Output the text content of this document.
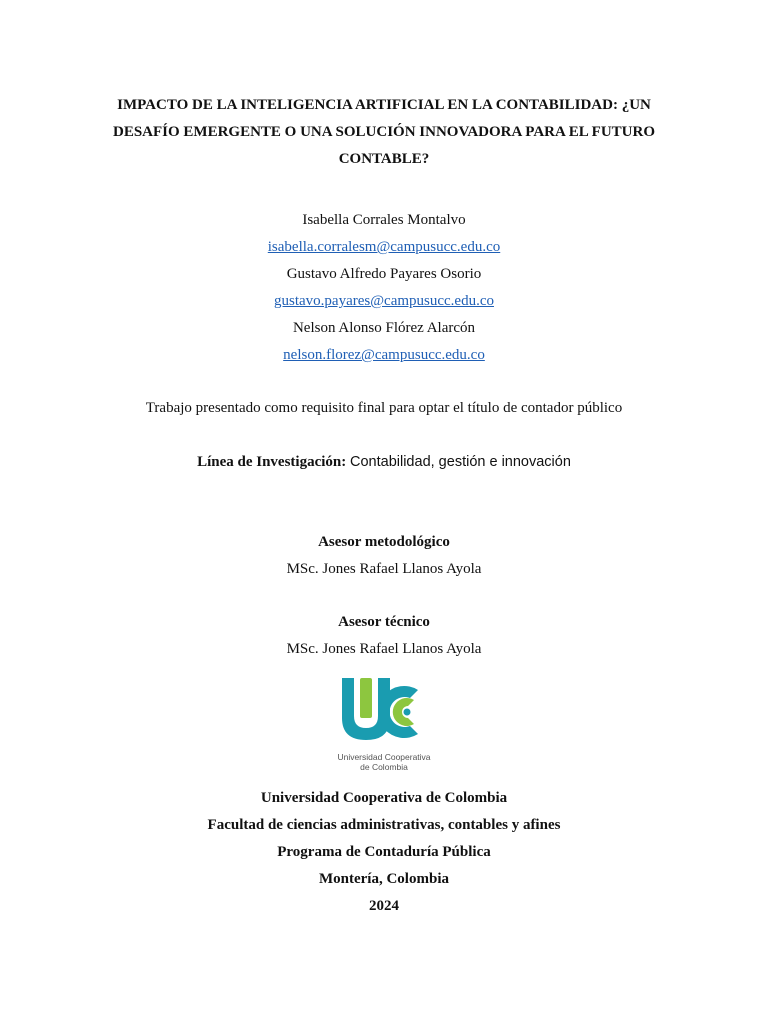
IMPACTO DE LA INTELIGENCIA ARTIFICIAL EN LA CONTABILIDAD: ¿UN
DESAFÍO EMERGENTE O UNA SOLUCIÓN INNOVADORA PARA EL FUTURO
CONTABLE?
Isabella Corrales Montalvo
isabella.corralesm@campusucc.edu.co
Gustavo Alfredo Payares Osorio
gustavo.payares@campusucc.edu.co
Nelson Alonso Flórez Alarcón
nelson.florez@campusucc.edu.co
Trabajo presentado como requisito final para optar el título de contador público
Línea de Investigación: Contabilidad, gestión e innovación
Asesor metodológico
MSc. Jones Rafael Llanos Ayola
Asesor técnico
MSc. Jones Rafael Llanos Ayola
Universidad Cooperativa
de Colombia
Universidad Cooperativa de Colombia
Facultad de ciencias administrativas, contables y afines
Programa de Contaduría Pública
Montería, Colombia
2024
